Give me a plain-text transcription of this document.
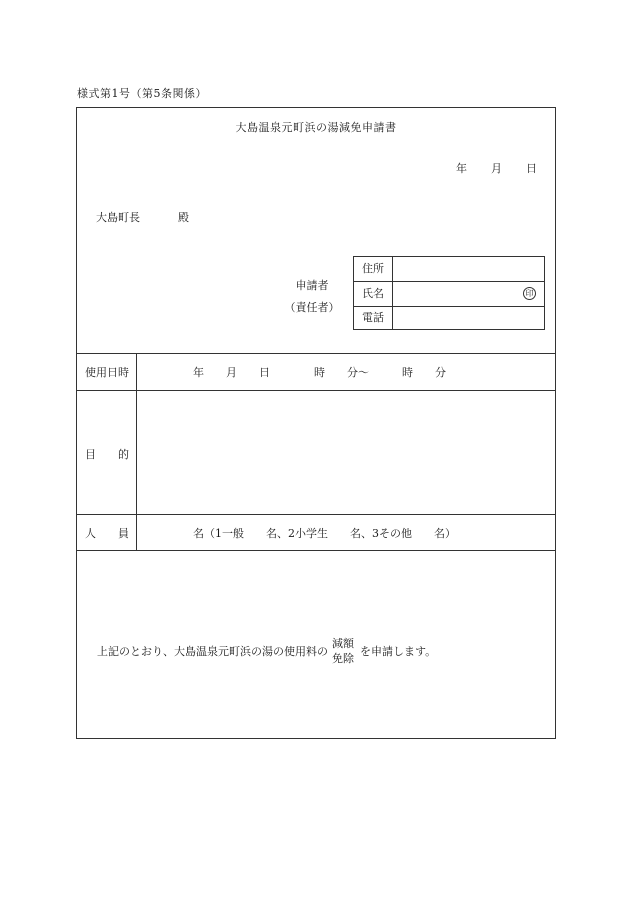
様式第1号（第5条関係）
大島温泉元町浜の湯減免申請書
年 月 日
大島町長	殿
申請者
（責任者）
住所
氏名	印
電話
使用日時	年　　月　　日　　　　時　　分～　　　時　　分
目　　的
人　　員	名（1一般　　名、2小学生　　名、3その他　　名）
上記のとおり、大島温泉元町浜の湯の使用料の
減額
免除
を申請します。
